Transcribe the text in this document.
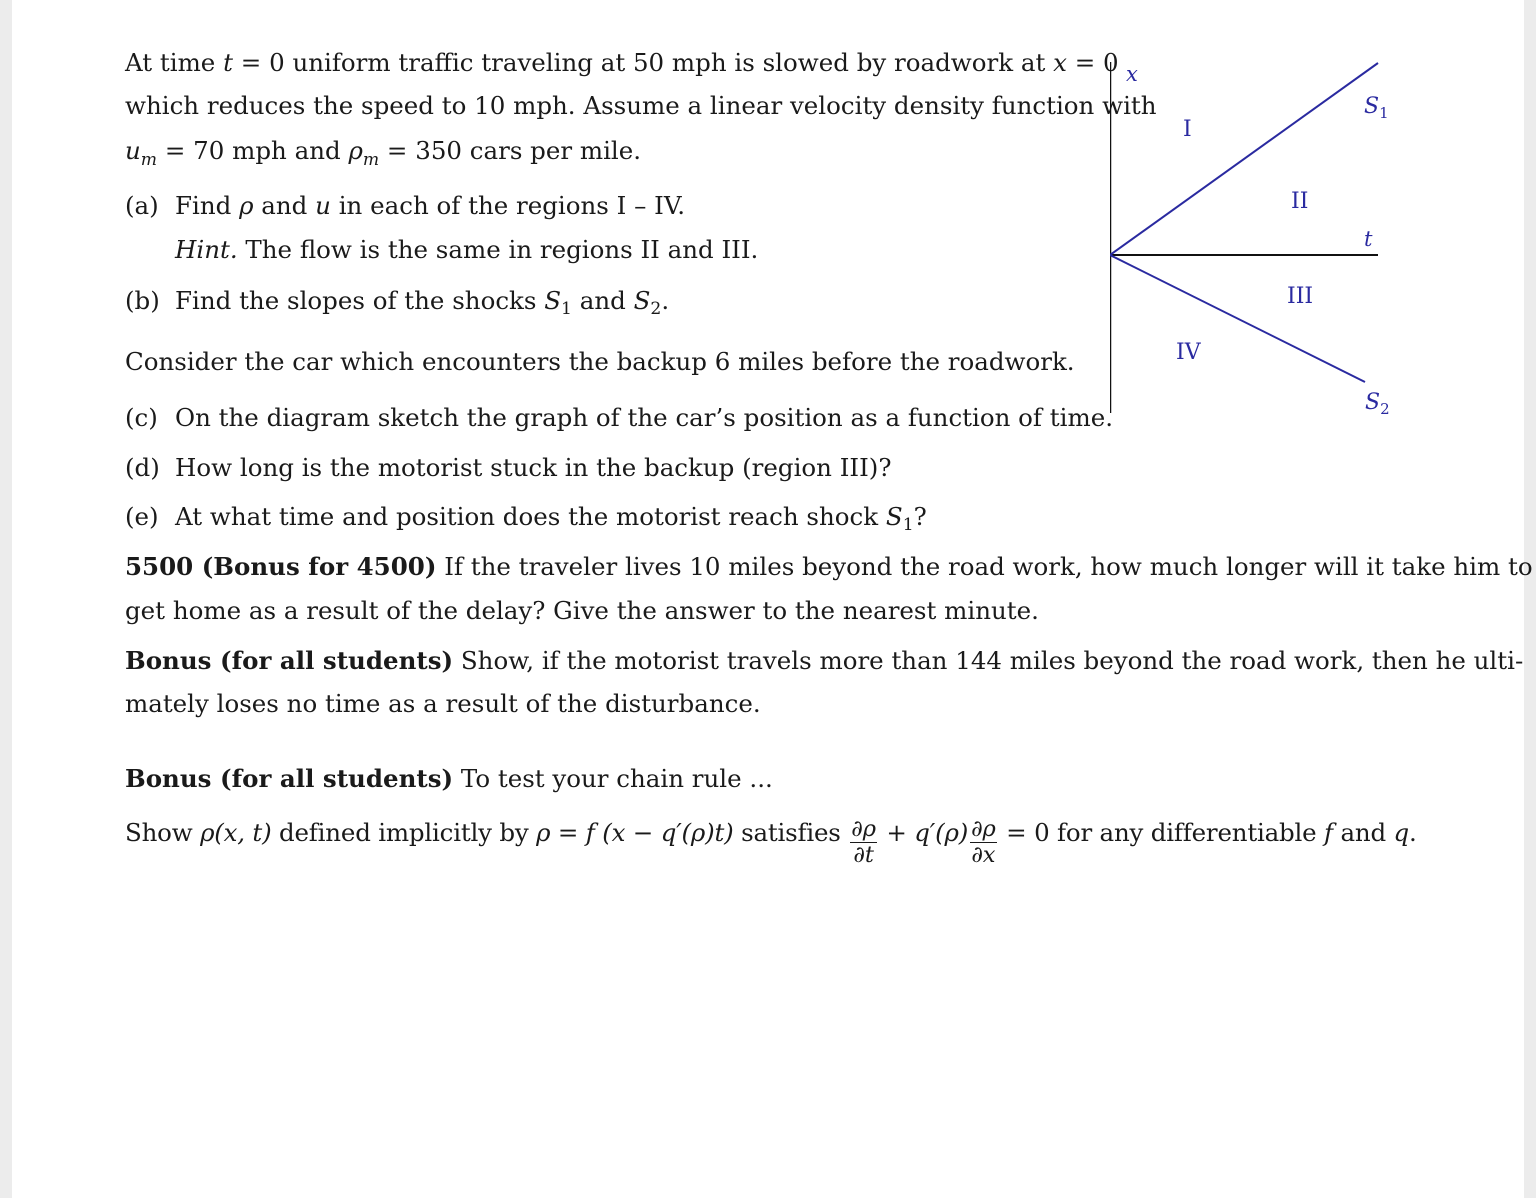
At time t = 0 uniform traffic traveling at 50 mph is slowed by roadwork at x = 0
which reduces the speed to 10 mph. Assume a linear velocity density function with
$u_m = 70$ mph and $\rho_m = 350$ cars per mile.
(a) Find ρ and u in each of the regions I – IV.
Hint. The flow is the same in regions II and III.
(b) Find the slopes of the shocks $S_1$ and $S_2$.
Consider the car which encounters the backup 6 miles before the roadwork.
(c) On the diagram sketch the graph of the car’s position as a function of time.
(d) How long is the motorist stuck in the backup (region III)?
(e) At what time and position does the motorist reach shock $S_1$?
5500 (Bonus for 4500) If the traveler lives 10 miles beyond the road work, how much longer will it take him to
get home as a result of the delay? Give the answer to the nearest minute.
Bonus (for all students) Show, if the motorist travels more than 144 miles beyond the road work, then he ulti-
mately loses no time as a result of the disturbance.
Bonus (for all students) To test your chain rule ...
Show ρ(x, t) defined implicitly by ρ = f (x − q′(ρ)t) satisfies $\frac{\partial\rho}{\partial t} + q'(\rho) \frac{\partial\rho}{\partial x} = 0$ for any differentiable f and q.
x
t
I
II
III
IV
$S_1$
$S_2$
